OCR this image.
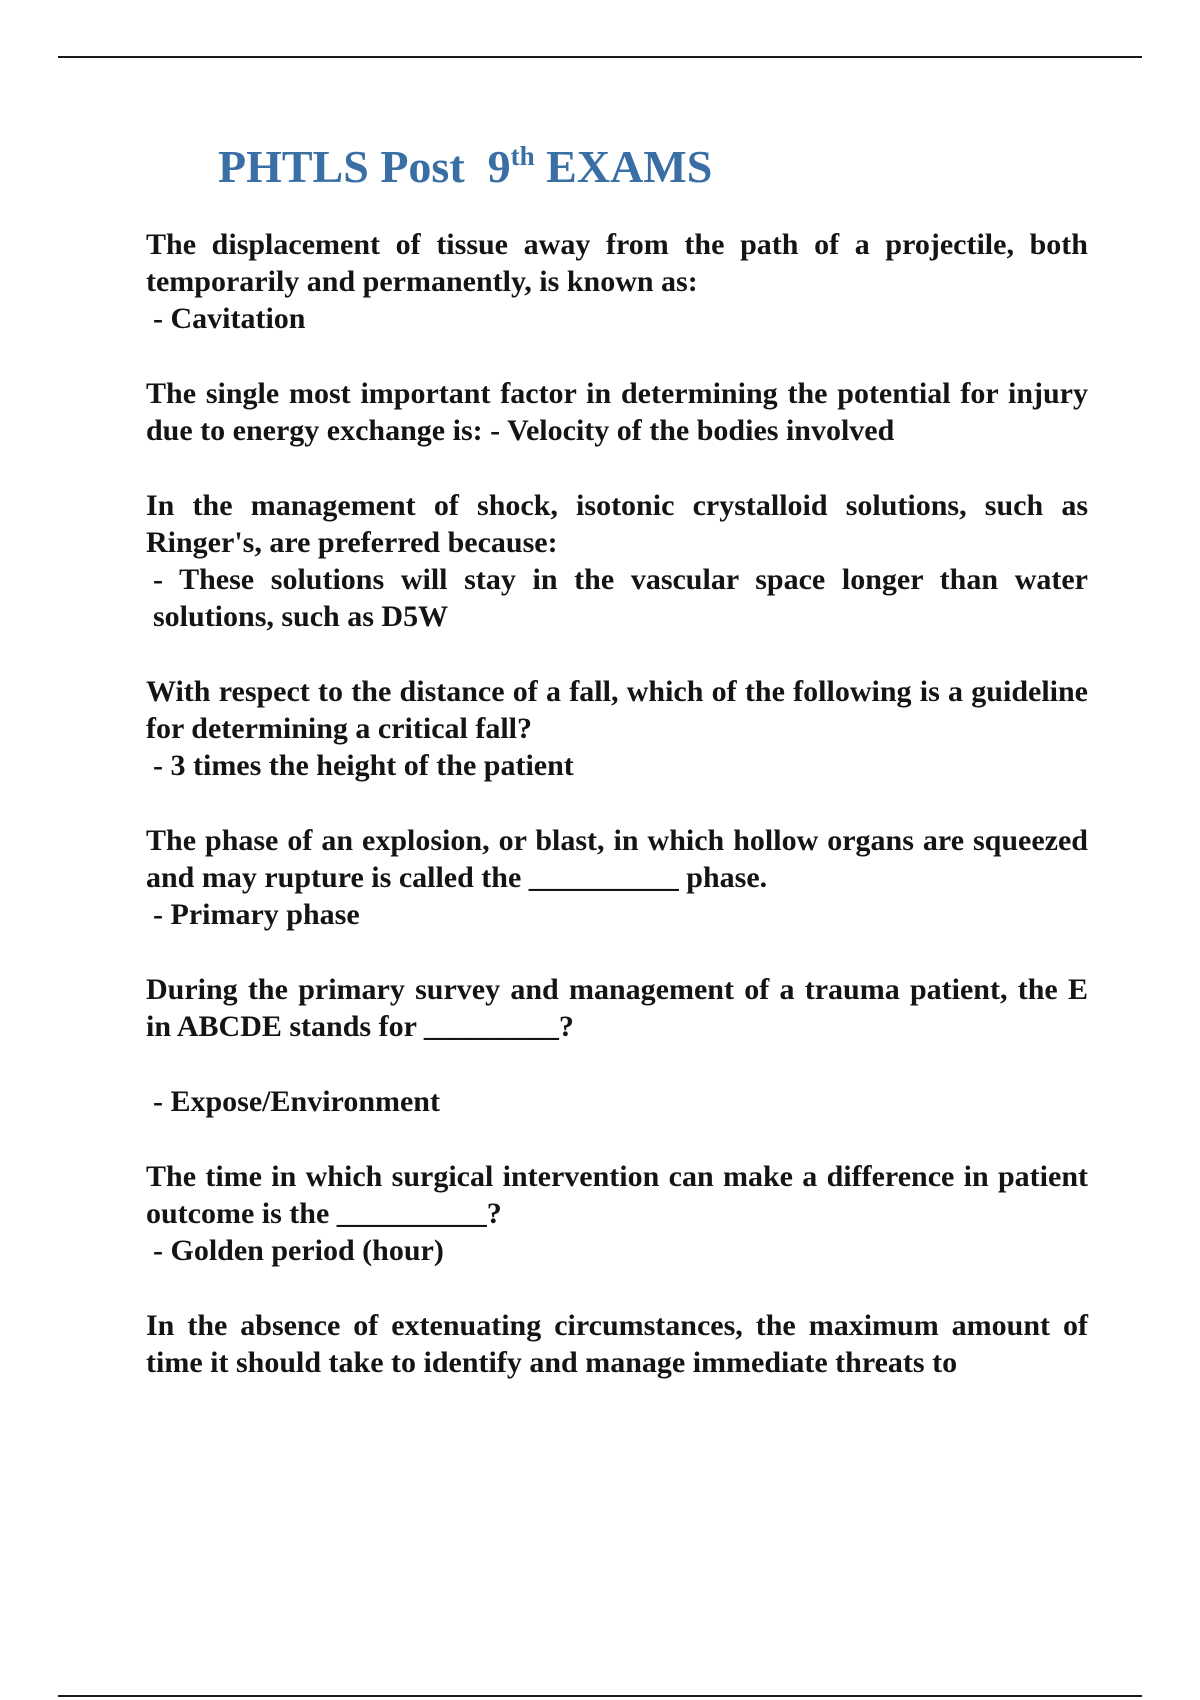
PHTLS Post  9th EXAMS
The displacement of tissue away from the path of a projectile, both temporarily and permanently, is known as:
- Cavitation
The single most important factor in determining the potential for injury due to energy exchange is: - Velocity of the bodies involved
In the management of shock, isotonic crystalloid solutions, such as Ringer's, are preferred because:
- These solutions will stay in the vascular space longer than water solutions, such as D5W
With respect to the distance of a fall, which of the following is a guideline for determining a critical fall?
- 3 times the height of the patient
The phase of an explosion, or blast, in which hollow organs are squeezed and may rupture is called the __________ phase.
- Primary phase
During the primary survey and management of a trauma patient, the E in ABCDE stands for _________?
- Expose/Environment
The time in which surgical intervention can make a difference in patient outcome is the __________?
- Golden period (hour)
In the absence of extenuating circumstances, the maximum amount of time it should take to identify and manage immediate threats to
